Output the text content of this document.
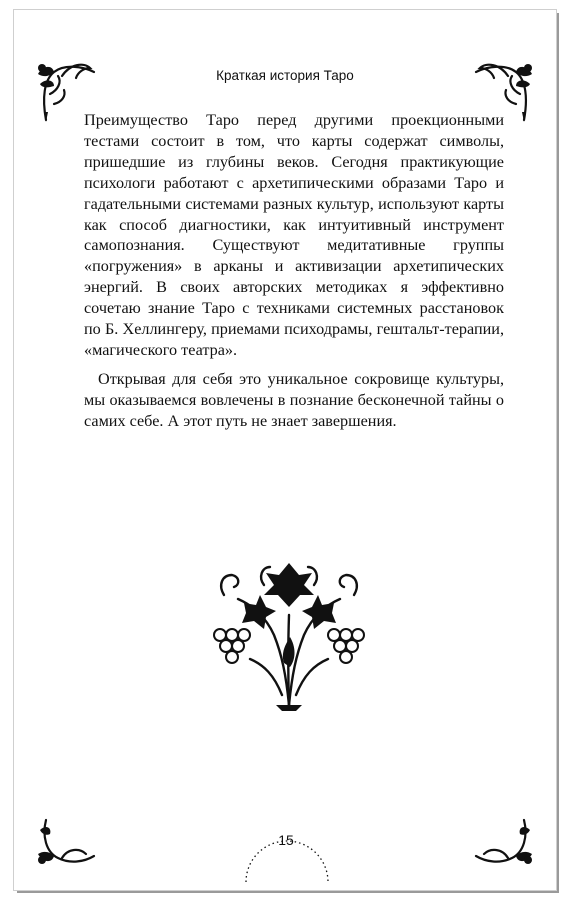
Краткая история Таро

Преимущество Таро перед другими проекционными тестами состоит в том, что карты содержат символы, пришедшие из глубины веков. Сегодня практикующие психологи работают с архетипическими образами Таро и гадательными системами разных культур, используют карты как способ диагностики, как интуитивный инструмент самопознания. Существуют медитативные группы «погружения» в арканы и активизации архетипических энергий. В своих авторских методиках я эффективно сочетаю знание Таро с техниками системных расстановок по Б. Хеллингеру, приемами психодрамы, гештальт-терапии, «магического театра».

Открывая для себя это уникальное сокровище культуры, мы оказываемся вовлечены в познание бесконечной тайны о самих себе. А этот путь не знает завершения.

15
